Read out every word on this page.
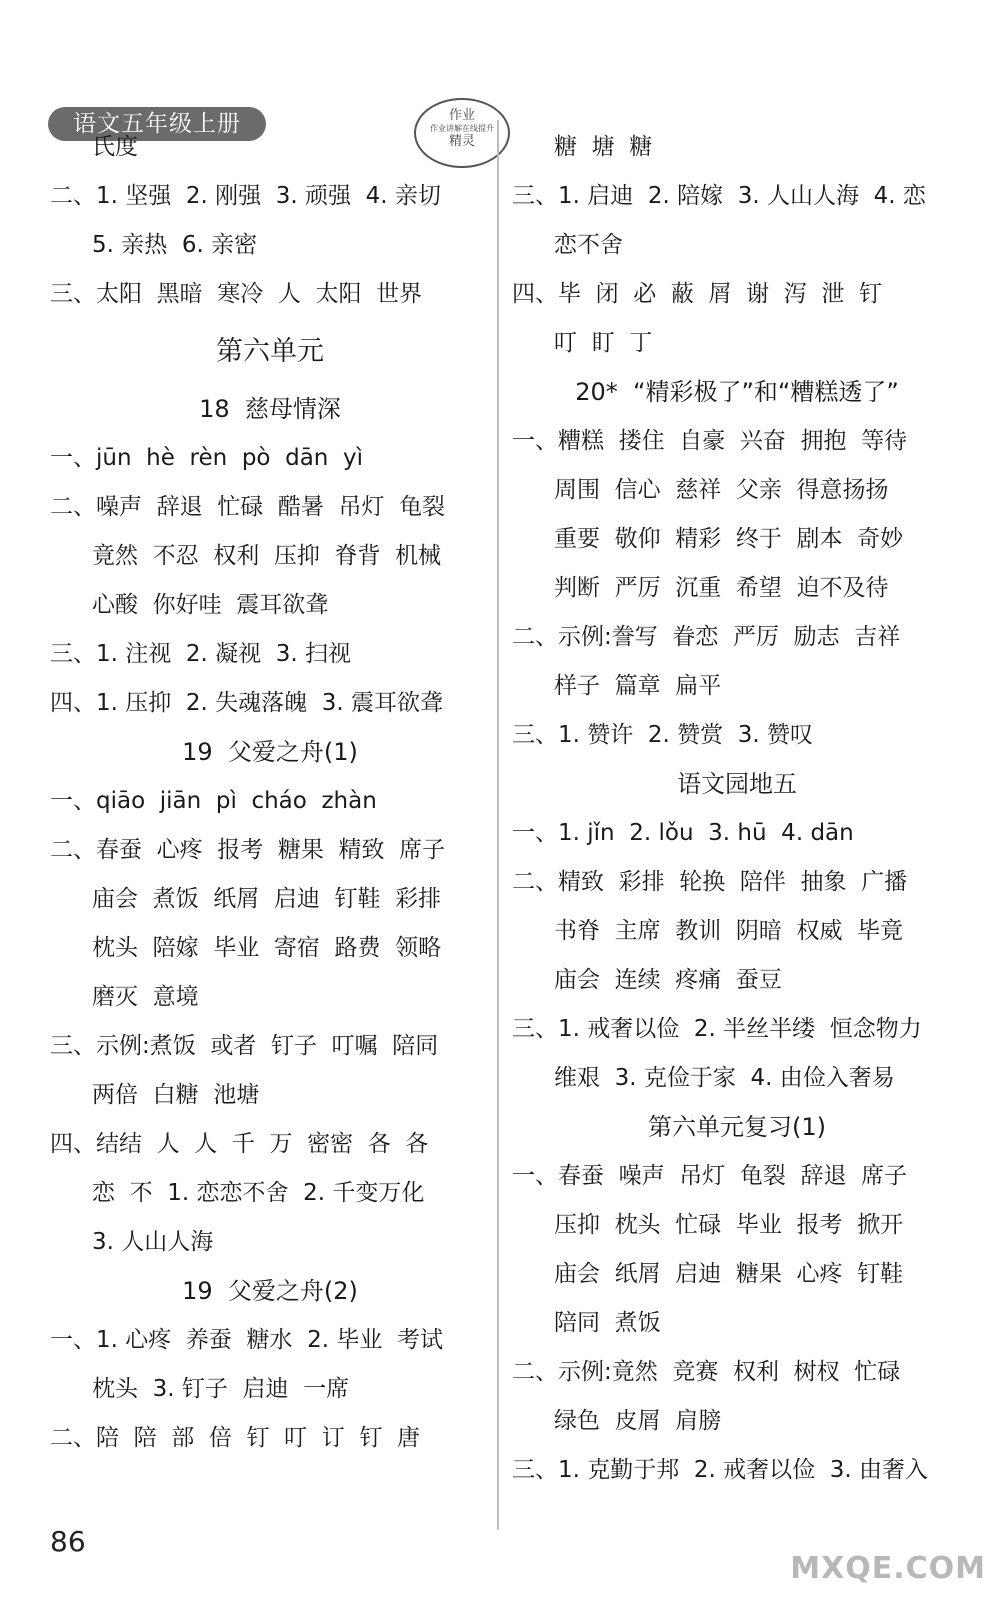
语文五年级上册	作业
作业讲解在线提升
精灵
氏度
二、1. 坚强  2. 刚强  3. 顽强  4. 亲切
5. 亲热  6. 亲密
三、太阳  黑暗  寒冷  人  太阳  世界
第六单元
18  慈母情深
一、jūn  hè  rèn  pò  dān  yì
二、噪声  辞退  忙碌  酷暑  吊灯  龟裂
竟然  不忍  权利  压抑  脊背  机械
心酸  你好哇  震耳欲聋
三、1. 注视  2. 凝视  3. 扫视
四、1. 压抑  2. 失魂落魄  3. 震耳欲聋
19  父爱之舟(1)
一、qiāo  jiān  pì  cháo  zhàn
二、春蚕  心疼  报考  糖果  精致  席子
庙会  煮饭  纸屑  启迪  钉鞋  彩排
枕头  陪嫁  毕业  寄宿  路费  领略
磨灭  意境
三、示例:煮饭  或者  钉子  叮嘱  陪同
两倍  白糖  池塘
四、结结  人  人  千  万  密密  各  各
恋  不  1. 恋恋不舍  2. 千变万化
3. 人山人海
19  父爱之舟(2)
一、1. 心疼  养蚕  糖水  2. 毕业  考试
枕头  3. 钉子  启迪  一席
二、陪  陪  部  倍  钉  叮  订  钉  唐
糖  塘  糖
三、1. 启迪  2. 陪嫁  3. 人山人海  4. 恋
恋不舍
四、毕  闭  必  蔽  屑  谢  泻  泄  钉
叮  盯  丁
20*  “精彩极了”和“糟糕透了”
一、糟糕  搂住  自豪  兴奋  拥抱  等待
周围  信心  慈祥  父亲  得意扬扬
重要  敬仰  精彩  终于  剧本  奇妙
判断  严厉  沉重  希望  迫不及待
二、示例:誊写  眷恋  严厉  励志  吉祥
样子  篇章  扁平
三、1. 赞许  2. 赞赏  3. 赞叹
语文园地五
一、1. jǐn  2. lǒu  3. hū  4. dān
二、精致  彩排  轮换  陪伴  抽象  广播
书脊  主席  教训  阴暗  权威  毕竟
庙会  连续  疼痛  蚕豆
三、1. 戒奢以俭  2. 半丝半缕  恒念物力
维艰  3. 克俭于家  4. 由俭入奢易
第六单元复习(1)
一、春蚕  噪声  吊灯  龟裂  辞退  席子
压抑  枕头  忙碌  毕业  报考  掀开
庙会  纸屑  启迪  糖果  心疼  钉鞋
陪同  煮饭
二、示例:竟然  竞赛  权利  树杈  忙碌
绿色  皮屑  肩膀
三、1. 克勤于邦  2. 戒奢以俭  3. 由奢入
86
MXQE.COM
